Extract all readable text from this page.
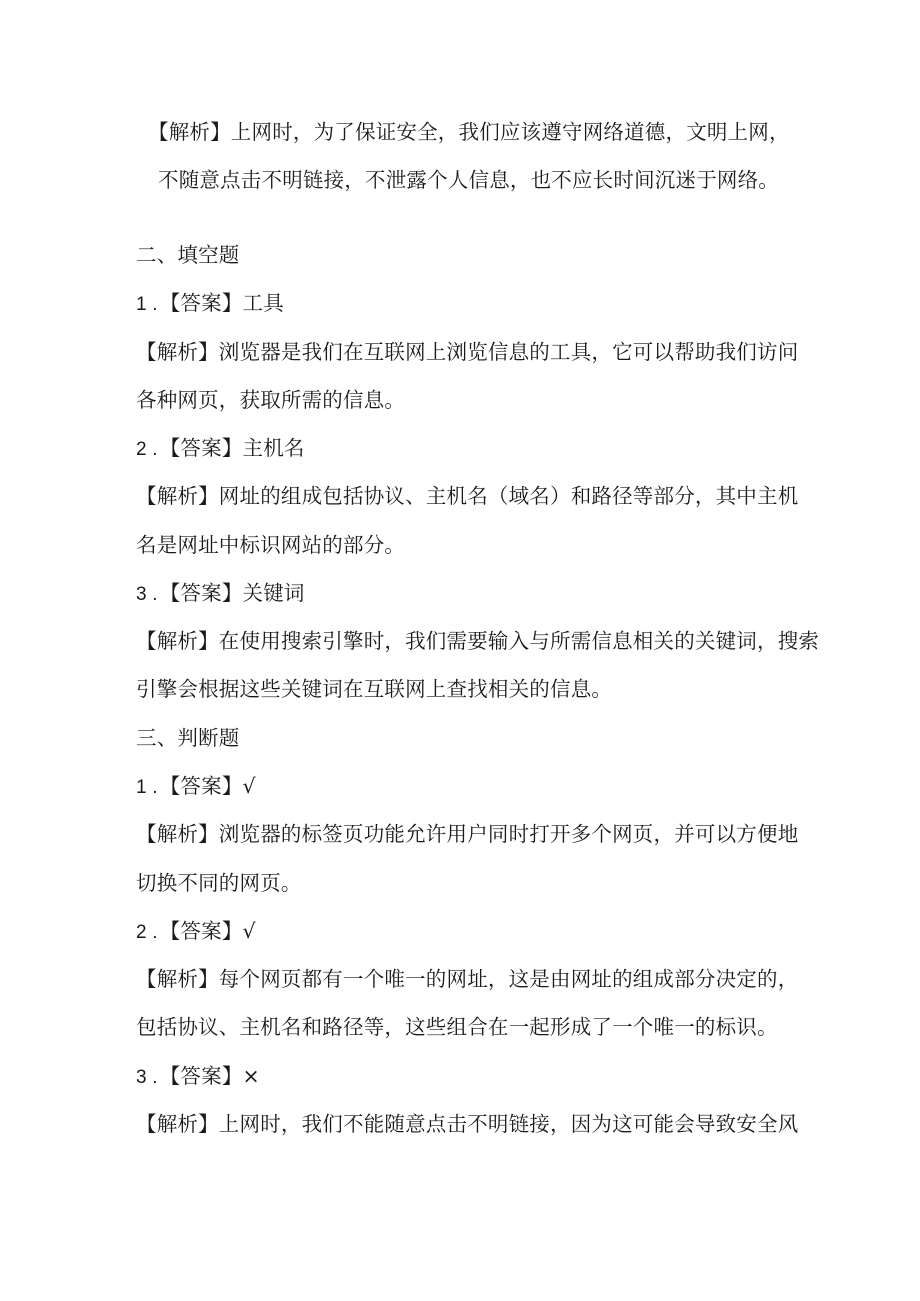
【解析】上网时，为了保证安全，我们应该遵守网络道德，文明上网，
不随意点击不明链接，不泄露个人信息，也不应长时间沉迷于网络。
二、填空题
1 .【答案】工具
【解析】浏览器是我们在互联网上浏览信息的工具，它可以帮助我们访问
各种网页，获取所需的信息。
2 .【答案】主机名
【解析】网址的组成包括协议、主机名（域名）和路径等部分，其中主机
名是网址中标识网站的部分。
3 .【答案】关键词
【解析】在使用搜索引擎时，我们需要输入与所需信息相关的关键词，搜索
引擎会根据这些关键词在互联网上查找相关的信息。
三、判断题
1 .【答案】√
【解析】浏览器的标签页功能允许用户同时打开多个网页，并可以方便地
切换不同的网页。
2 .【答案】√
【解析】每个网页都有一个唯一的网址，这是由网址的组成部分决定的，
包括协议、主机名和路径等，这些组合在一起形成了一个唯一的标识。
3 .【答案】×
【解析】上网时，我们不能随意点击不明链接，因为这可能会导致安全风
